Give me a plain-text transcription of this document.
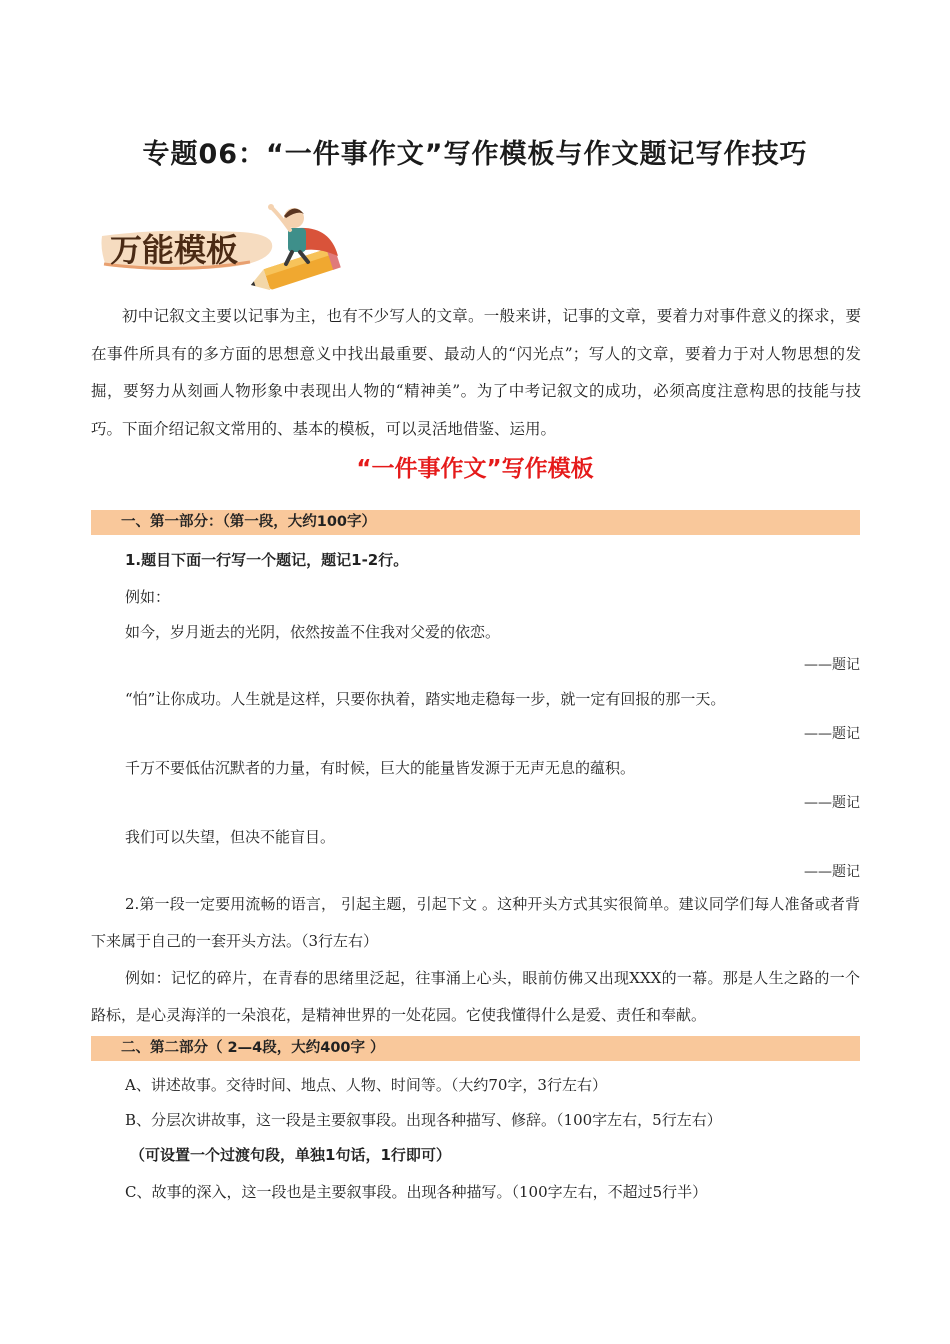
专题06：“一件事作文”写作模板与作文题记写作技巧
万能模板
初中记叙文主要以记事为主，也有不少写人的文章。一般来讲，记事的文章，要着力对事件意义的探求，要在事件所具有的多方面的思想意义中找出最重要、最动人的“闪光点”；写人的文章，要着力于对人物思想的发掘，要努力从刻画人物形象中表现出人物的“精神美”。为了中考记叙文的成功，必须高度注意构思的技能与技巧。下面介绍记叙文常用的、基本的模板，可以灵活地借鉴、运用。
“一件事作文”写作模板
一、第一部分：（第一段，大约100字）
1.题目下面一行写一个题记，题记1-2行。
例如：
如今，岁月逝去的光阴，依然按盖不住我对父爱的依恋。
——题记
“怕”让你成功。人生就是这样，只要你执着，踏实地走稳每一步，就一定有回报的那一天。
——题记
千万不要低估沉默者的力量，有时候，巨大的能量皆发源于无声无息的蕴积。
——题记
我们可以失望，但决不能盲目。
——题记
2.第一段一定要用流畅的语言， 引起主题，引起下文 。这种开头方式其实很简单。建议同学们每人准备或者背下来属于自己的一套开头方法。（3行左右）
例如：记忆的碎片，在青春的思绪里泛起，往事涌上心头，眼前仿佛又出现XXX的一幕。那是人生之路的一个路标，是心灵海洋的一朵浪花，是精神世界的一处花园。它使我懂得什么是爱、责任和奉献。
二、第二部分（ 2—4段，大约400字 ）
A、讲述故事。交待时间、地点、人物、时间等。（大约70字，3行左右）
B、分层次讲故事，这一段是主要叙事段。出现各种描写、修辞。（100字左右，5行左右）
（可设置一个过渡句段，单独1句话，1行即可）
C、故事的深入，这一段也是主要叙事段。出现各种描写。（100字左右，不超过5行半）
